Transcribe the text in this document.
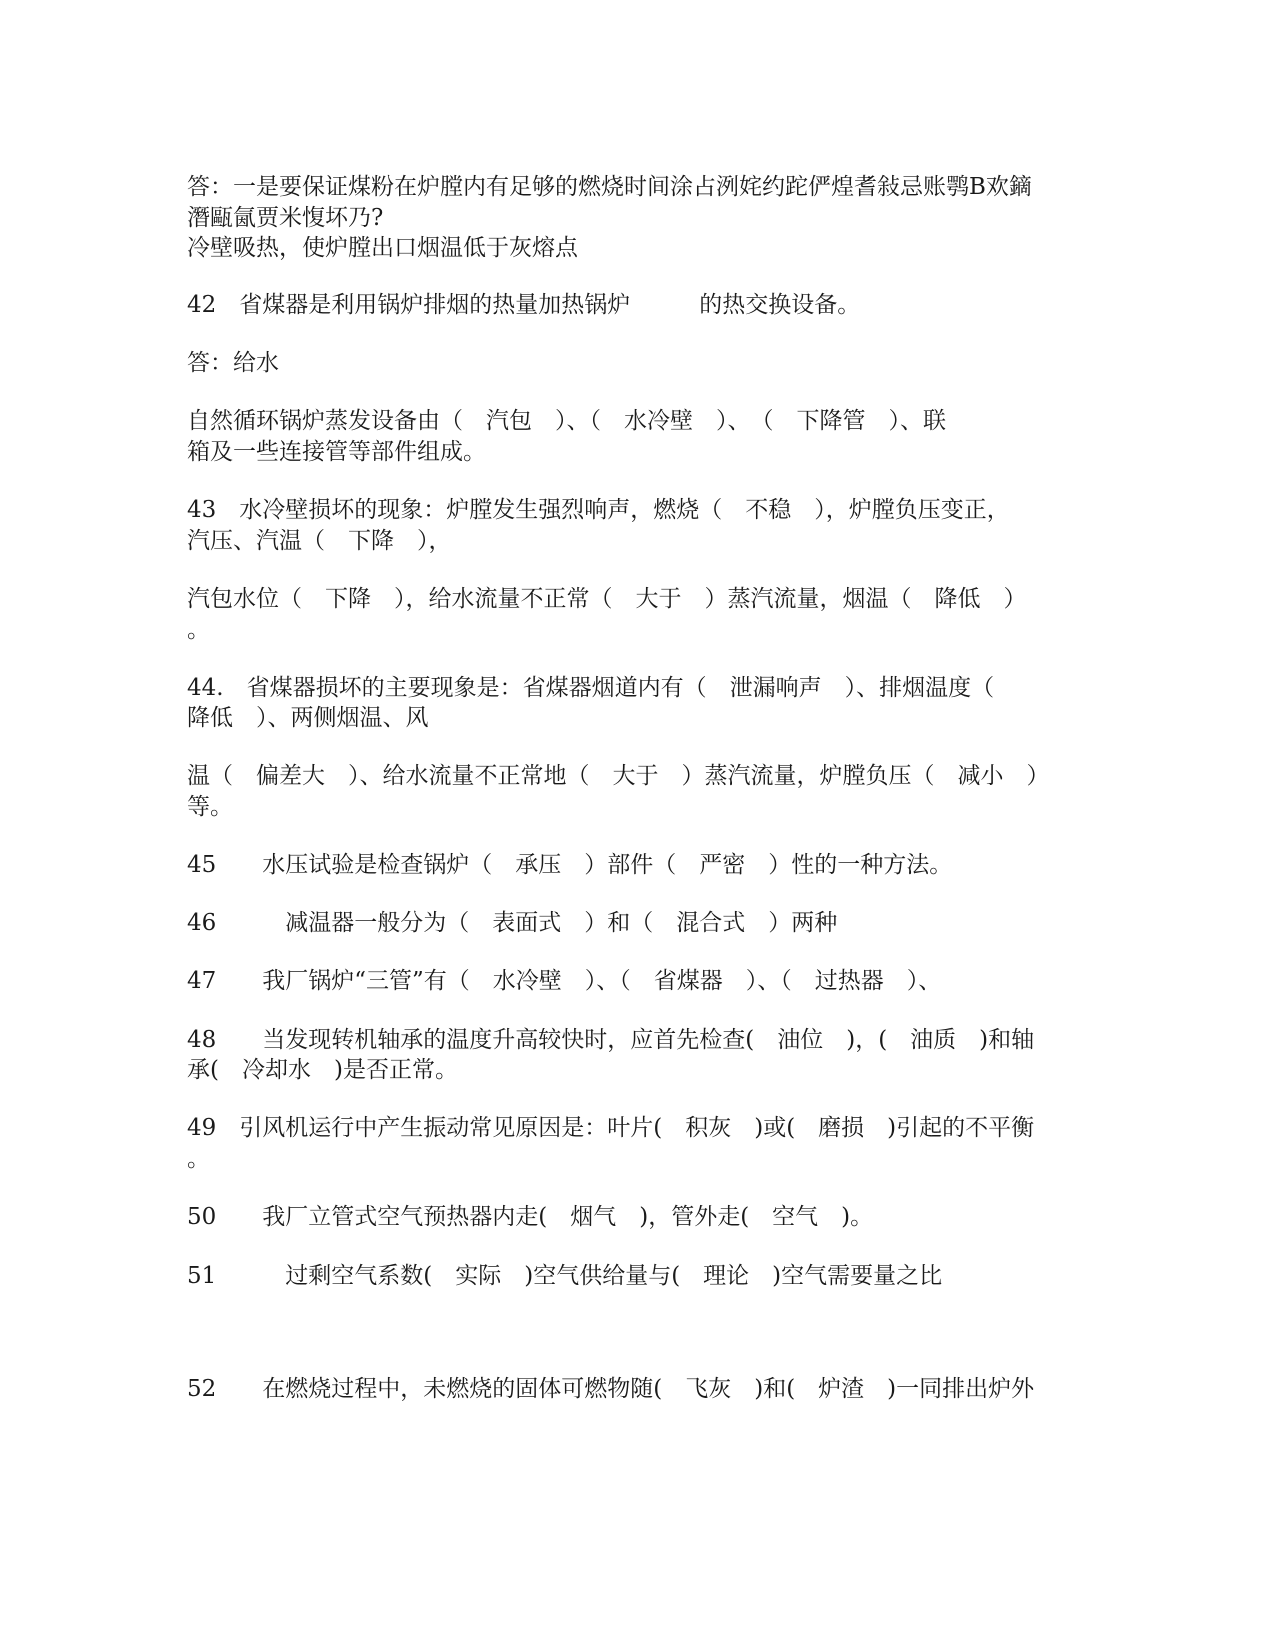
答：一是要保证煤粉在炉膛内有足够的燃烧时间涂占洌姹约跎俨煌耆敍忌账鹗B欢鏑

潛甌氤贾米愎坏乃?

冷壁吸热，使炉膛出口烟温低于灰熔点

42　省煤器是利用锅炉排烟的热量加热锅炉　　　的热交换设备。

答：给水

自然循环锅炉蒸发设备由（　汽包　）、（　水冷壁　）、　（　下降管　）、联

箱及一些连接管等部件组成。

43　水冷壁损坏的现象：炉膛发生强烈响声，燃烧（　不稳　），炉膛负压变正，

汽压、汽温（　下降　），

汽包水位（　下降　），给水流量不正常（　大于　）蒸汽流量，烟温（　降低　）

。

44.　省煤器损坏的主要现象是：省煤器烟道内有（　泄漏响声　）、排烟温度（

降低　）、两侧烟温、风

温（　偏差大　）、给水流量不正常地（　大于　）蒸汽流量，炉膛负压（　减小　）

等。

45　　水压试验是检查锅炉（　承压　）部件（　严密　）性的一种方法。

46　　　减温器一般分为（　表面式　）和（　混合式　）两种

47　　我厂锅炉“三管”有（　水冷壁　）、（　省煤器　）、（　过热器　）、

48　　当发现转机轴承的温度升高较快时，应首先检查(　油位　)，(　油质　)和轴

承(　冷却水　)是否正常。

49　引风机运行中产生振动常见原因是：叶片(　积灰　)或(　磨损　)引起的不平衡

。

50　　我厂立管式空气预热器内走(　烟气　)，管外走(　空气　)。

51　　　过剩空气系数(　实际　)空气供给量与(　理论　)空气需要量之比

52　　在燃烧过程中，未燃烧的固体可燃物随(　飞灰　)和(　炉渣　)一同排出炉外
